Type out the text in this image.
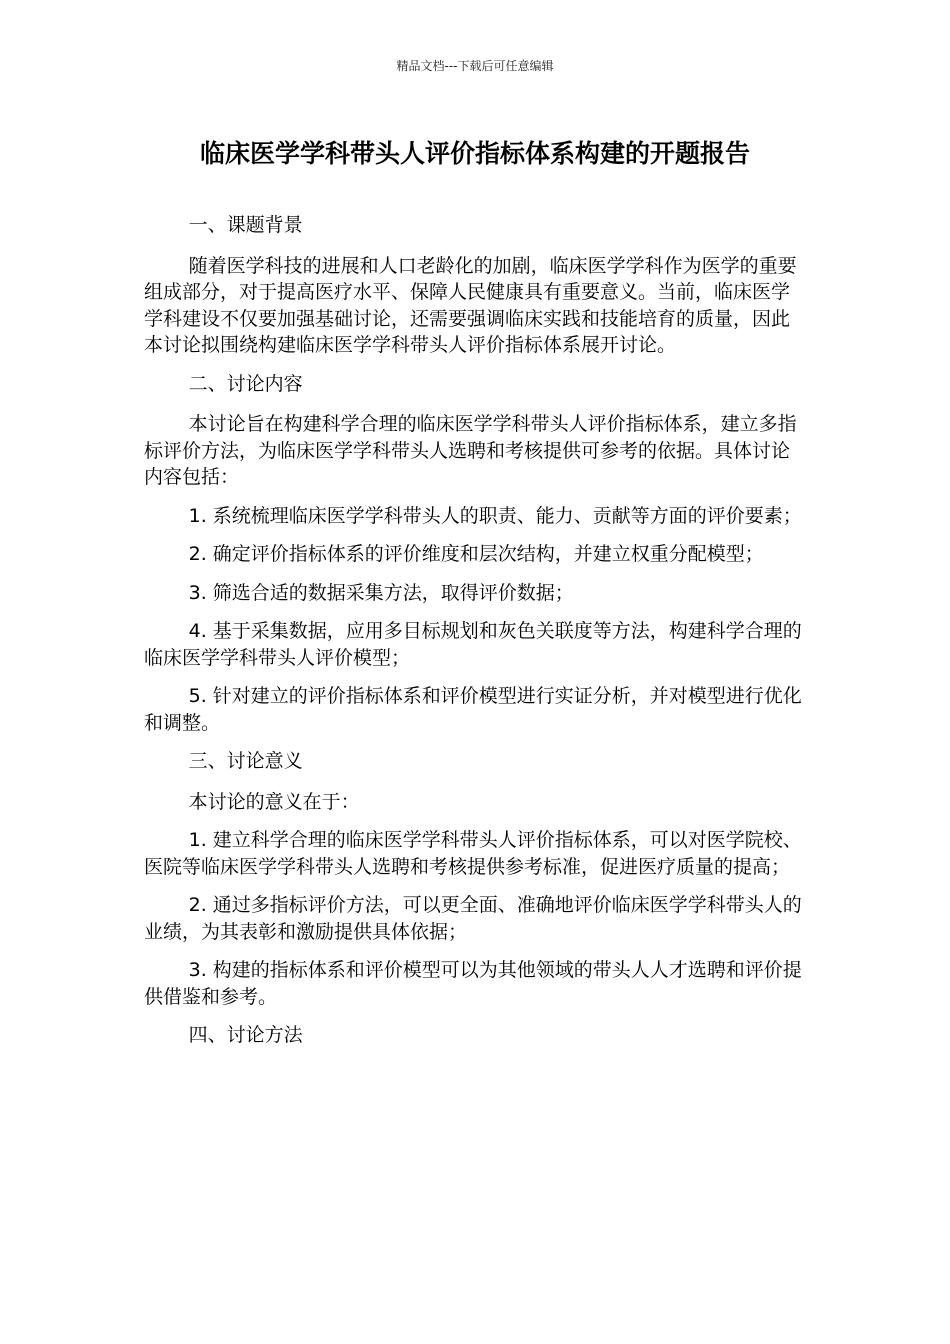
精品文档---下载后可任意编辑
临床医学学科带头人评价指标体系构建的开题报告

一、课题背景

随着医学科技的进展和人口老龄化的加剧，临床医学学科作为医学的重要组成部分，对于提高医疗水平、保障人民健康具有重要意义。当前，临床医学学科建设不仅要加强基础讨论，还需要强调临床实践和技能培育的质量，因此本讨论拟围绕构建临床医学学科带头人评价指标体系展开讨论。

二、讨论内容

本讨论旨在构建科学合理的临床医学学科带头人评价指标体系，建立多指标评价方法，为临床医学学科带头人选聘和考核提供可参考的依据。具体讨论内容包括：

1. 系统梳理临床医学学科带头人的职责、能力、贡献等方面的评价要素；

2. 确定评价指标体系的评价维度和层次结构，并建立权重分配模型；

3. 筛选合适的数据采集方法，取得评价数据；

4. 基于采集数据，应用多目标规划和灰色关联度等方法，构建科学合理的临床医学学科带头人评价模型；

5. 针对建立的评价指标体系和评价模型进行实证分析，并对模型进行优化和调整。

三、讨论意义

本讨论的意义在于：

1. 建立科学合理的临床医学学科带头人评价指标体系，可以对医学院校、医院等临床医学学科带头人选聘和考核提供参考标准，促进医疗质量的提高；

2. 通过多指标评价方法，可以更全面、准确地评价临床医学学科带头人的业绩，为其表彰和激励提供具体依据；

3. 构建的指标体系和评价模型可以为其他领域的带头人人才选聘和评价提供借鉴和参考。

四、讨论方法
